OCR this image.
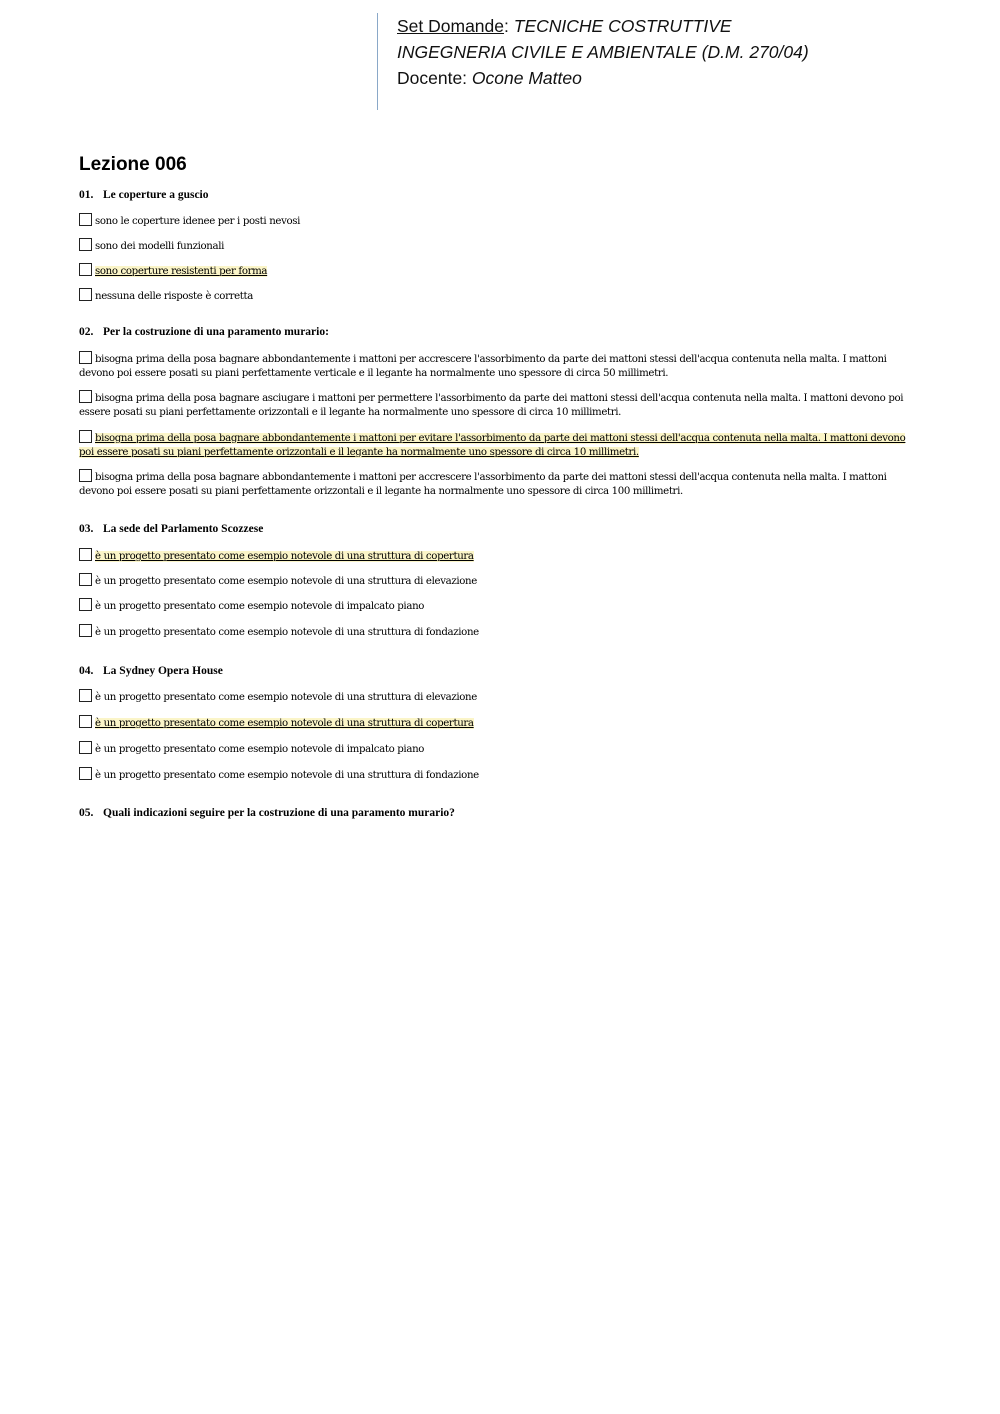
Set Domande: TECNICHE COSTRUTTIVE
INGEGNERIA CIVILE E AMBIENTALE (D.M. 270/04)
Docente: Ocone Matteo
Lezione 006
01. Le coperture a guscio
sono le coperture idenee per i posti nevosi
sono dei modelli funzionali
sono coperture resistenti per forma
nessuna delle risposte è corretta
02. Per la costruzione di una paramento murario:
bisogna prima della posa bagnare abbondantemente i mattoni per accrescere l'assorbimento da parte dei mattoni stessi dell'acqua contenuta nella malta. I mattoni devono poi essere posati su piani perfettamente verticale e il legante ha normalmente uno spessore di circa 50 millimetri.
bisogna prima della posa bagnare asciugare i mattoni per permettere l'assorbimento da parte dei mattoni stessi dell'acqua contenuta nella malta. I mattoni devono poi essere posati su piani perfettamente orizzontali e il legante ha normalmente uno spessore di circa 10 millimetri.
bisogna prima della posa bagnare abbondantemente i mattoni per evitare l'assorbimento da parte dei mattoni stessi dell'acqua contenuta nella malta. I mattoni devono poi essere posati su piani perfettamente orizzontali e il legante ha normalmente uno spessore di circa 10 millimetri.
bisogna prima della posa bagnare abbondantemente i mattoni per accrescere l'assorbimento da parte dei mattoni stessi dell'acqua contenuta nella malta. I mattoni devono poi essere posati su piani perfettamente orizzontali e il legante ha normalmente uno spessore di circa 100 millimetri.
03. La sede del Parlamento Scozzese
è un progetto presentato come esempio notevole di una struttura di copertura
è un progetto presentato come esempio notevole di una struttura di elevazione
è un progetto presentato come esempio notevole di impalcato piano
è un progetto presentato come esempio notevole di una struttura di fondazione
04. La Sydney Opera House
è un progetto presentato come esempio notevole di una struttura di elevazione
è un progetto presentato come esempio notevole di una struttura di copertura
è un progetto presentato come esempio notevole di impalcato piano
è un progetto presentato come esempio notevole di una struttura di fondazione
05. Quali indicazioni seguire per la costruzione di una paramento murario?
